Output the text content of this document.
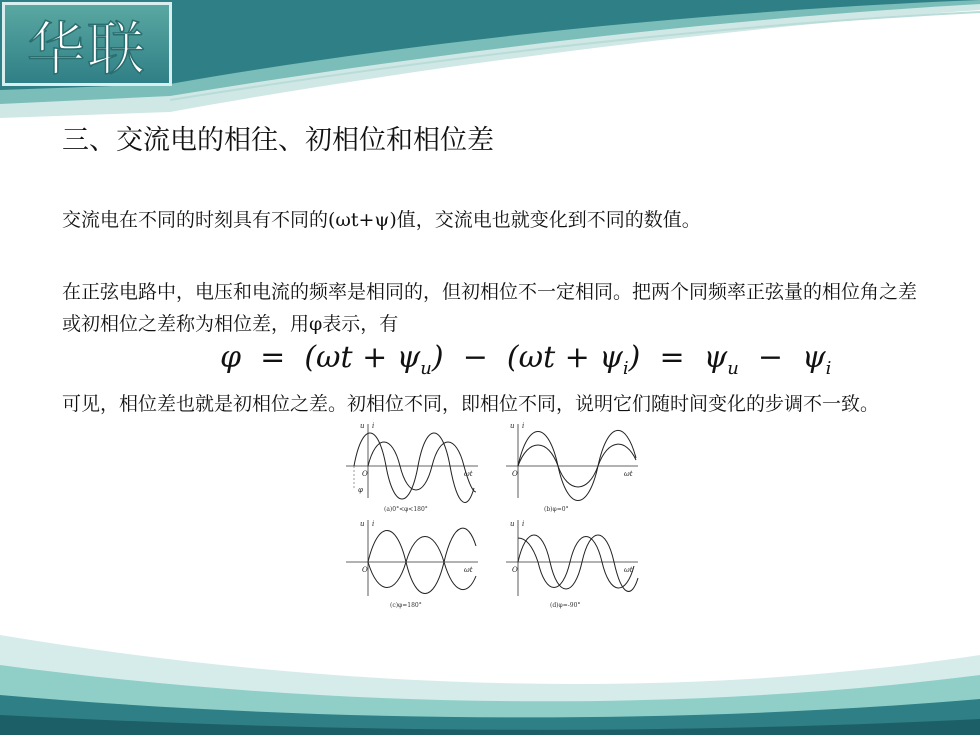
华联
三、交流电的相往、初相位和相位差
交流电在不同的时刻具有不同的(ωt+ψ)值，交流电也就变化到不同的数值。
在正弦电路中，电压和电流的频率是相同的，但初相位不一定相同。把两个同频率正弦量的相位角之差或初相位之差称为相位差，用φ表示，有
$\varphi = (\omega t + \psi_u) - (\omega t + \psi_i) = \psi_u - \psi_i$
可见，相位差也就是初相位之差。初相位不同，即相位不同，说明它们随时间变化的步调不一致。
u i
O	ωt
φ
(a)0°<φ<180°
u i
O	ωt
(b)φ=0°
u i
O	ωt
(c)φ=180°
u i
O	ωt
(d)φ=-90°
